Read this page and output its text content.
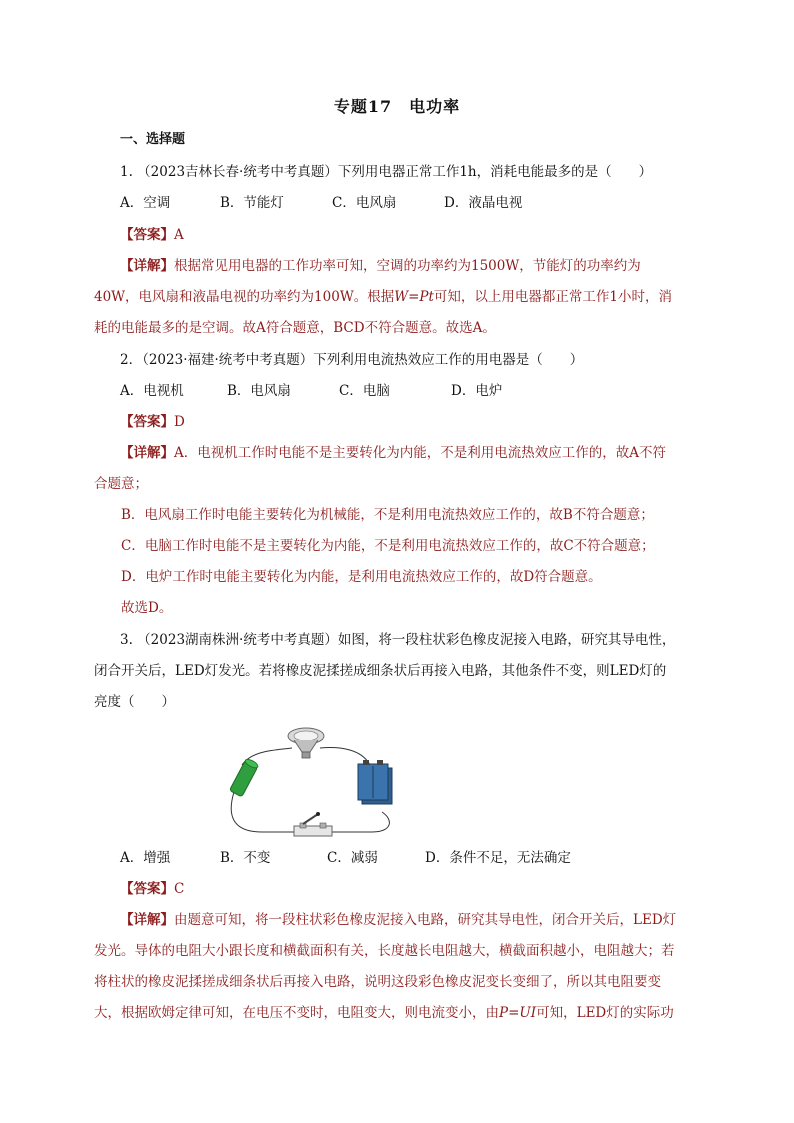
专题17　电功率
一、选择题
1. （2023吉林长春·统考中考真题）下列用电器正常工作1h，消耗电能最多的是（　　）
A．空调	B．节能灯	C．电风扇	D．液晶电视
【答案】A
【详解】根据常见用电器的工作功率可知，空调的功率约为1500W，节能灯的功率约为
40W，电风扇和液晶电视的功率约为100W。根据W=Pt可知，以上用电器都正常工作1小时，消
耗的电能最多的是空调。故A符合题意，BCD不符合题意。故选A。
2．（2023·福建·统考中考真题）下列利用电流热效应工作的用电器是（　　）
A．电视机	B．电风扇	C．电脑	D．电炉
【答案】D
【详解】A．电视机工作时电能不是主要转化为内能，不是利用电流热效应工作的，故A不符
合题意；
B．电风扇工作时电能主要转化为机械能，不是利用电流热效应工作的，故B不符合题意；
C．电脑工作时电能不是主要转化为内能，不是利用电流热效应工作的，故C不符合题意；
D．电炉工作时电能主要转化为内能，是利用电流热效应工作的，故D符合题意。
故选D。
3. （2023湖南株洲·统考中考真题）如图，将一段柱状彩色橡皮泥接入电路，研究其导电性，
闭合开关后，LED灯发光。若将橡皮泥揉搓成细条状后再接入电路，其他条件不变，则LED灯的
亮度（　　）
A．增强	B．不变	C．减弱	D．条件不足，无法确定
【答案】C
【详解】由题意可知，将一段柱状彩色橡皮泥接入电路，研究其导电性，闭合开关后，LED灯
发光。导体的电阻大小跟长度和横截面积有关，长度越长电阻越大，横截面积越小，电阻越大；若
将柱状的橡皮泥揉搓成细条状后再接入电路，说明这段彩色橡皮泥变长变细了，所以其电阻要变
大，根据欧姆定律可知，在电压不变时，电阻变大，则电流变小，由P=UI可知，LED灯的实际功
